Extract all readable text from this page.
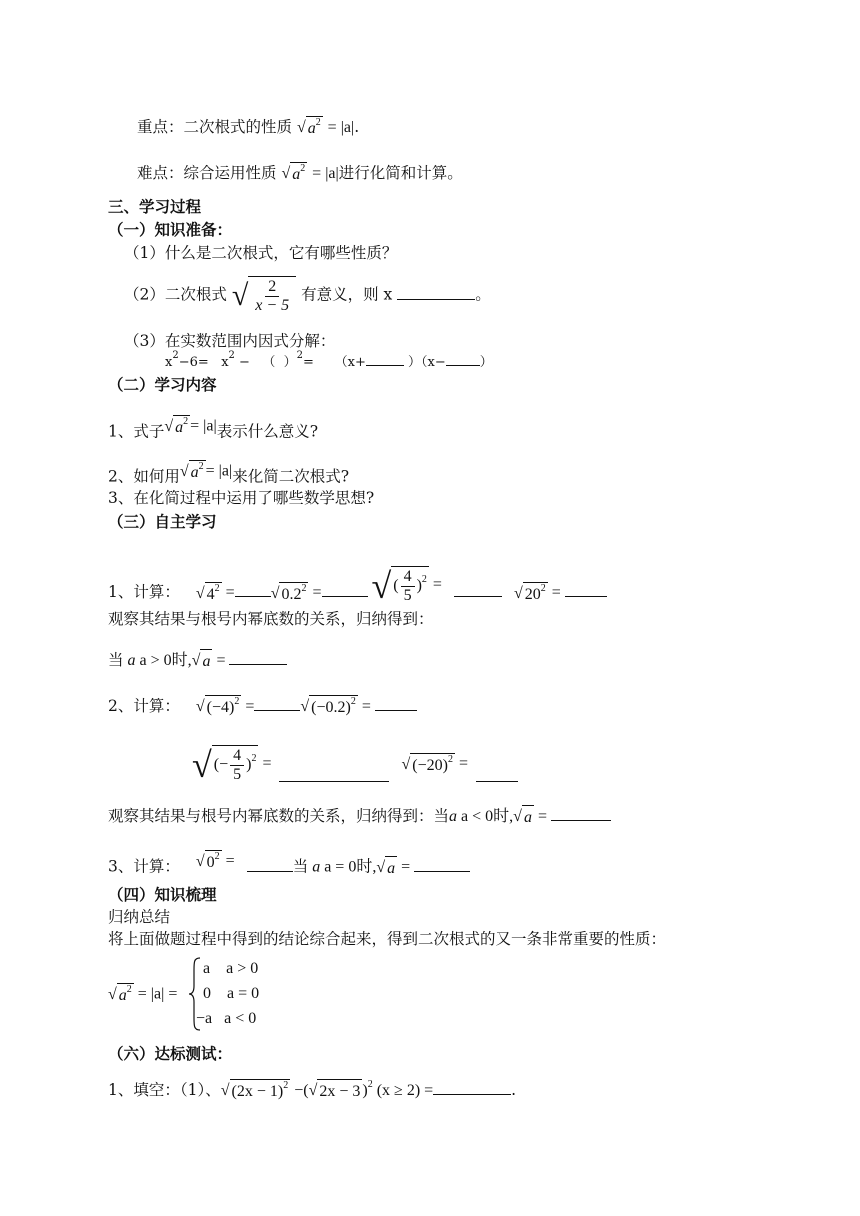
重点：二次根式的性质 √ $a^2 = |a|$.
难点：综合运用性质 √ $a^2 = |a|$进行化简和计算。
三、学习过程
（一）知识准备：
（1）什么是二次根式，它有哪些性质？
（2）二次根式 √ $\frac{2}{x - 5}$ 有意义，则 x	。
（3）在实数范围内因式分解：
$x^2-6= x^2$ − （ ）$^2$= （x+	）（x−	）
（二）学习内容
1、式子√ $a^2 = |a|$表示什么意义?
2、如何用√ $a^2 = |a|$来化简二次根式?
3、在化简过程中运用了哪些数学思想?
（三）自主学习
1、计算： √ $4^2$ = √ $0.2^2$ = √ ( $\frac{4}{5} )^2$ =	√ $20^2$ =
观察其结果与根号内幂底数的关系，归纳得到：
当 a a > 0时,√ a =
2、计算： √ $(-4)^2$ =	√ $(-0.2)^2$ =
√ (− $\frac{4}{5} )^2$ =	√ $(-20)^2$ =
观察其结果与根号内幂底数的关系，归纳得到：当a a < 0时,√ a =
3、计算： √ $0^2$ =	当 a a = 0时,√ a =
（四）知识梳理
归纳总结
将上面做题过程中得到的结论综合起来，得到二次根式的又一条非常重要的性质：
√ $a^2 = |a|$ =
a    a > 0
0    a = 0
−a   a < 0
（六）达标测试：
1、填空：（1）、√ $(2x - 1)^2$ −(√ 2x − 3 )$^2$ (x ≥ 2) =	.
